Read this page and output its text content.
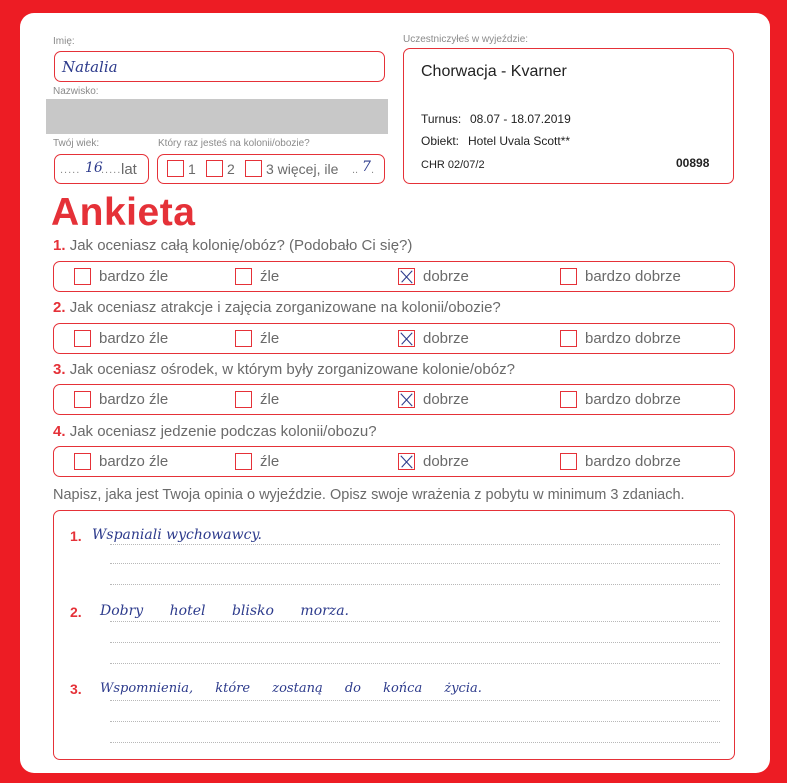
Imię:
Natalia
Nazwisko:
Twój wiek:
..... 16
..... lat
Który raz jesteś na kolonii/obozie?
1 2 3 więcej, ile .. 7 .
Uczestniczyłeś w wyjeździe:
Chorwacja - Kvarner
Turnus: 08.07 - 18.07.2019
Obiekt: Hotel Uvala Scott**
CHR 02/07/2	00898
Ankieta
1. Jak oceniasz całą kolonię/obóz? (Podobało Ci się?)
bardzo źle	źle	dobrze	bardzo dobrze
2. Jak oceniasz atrakcje i zajęcia zorganizowane na kolonii/obozie?
bardzo źle	źle	dobrze	bardzo dobrze
3. Jak oceniasz ośrodek, w którym były zorganizowane kolonie/obóz?
bardzo źle	źle	dobrze	bardzo dobrze
4. Jak oceniasz jedzenie podczas kolonii/obozu?
bardzo źle	źle	dobrze	bardzo dobrze
Napisz, jaka jest Twoja opinia o wyjeździe. Opisz swoje wrażenia z pobytu w minimum 3 zdaniach.
1. Wspaniali wychowawcy.
2. Dobry hotel blisko morza.
3. Wspomnienia, które zostaną do końca życia.
